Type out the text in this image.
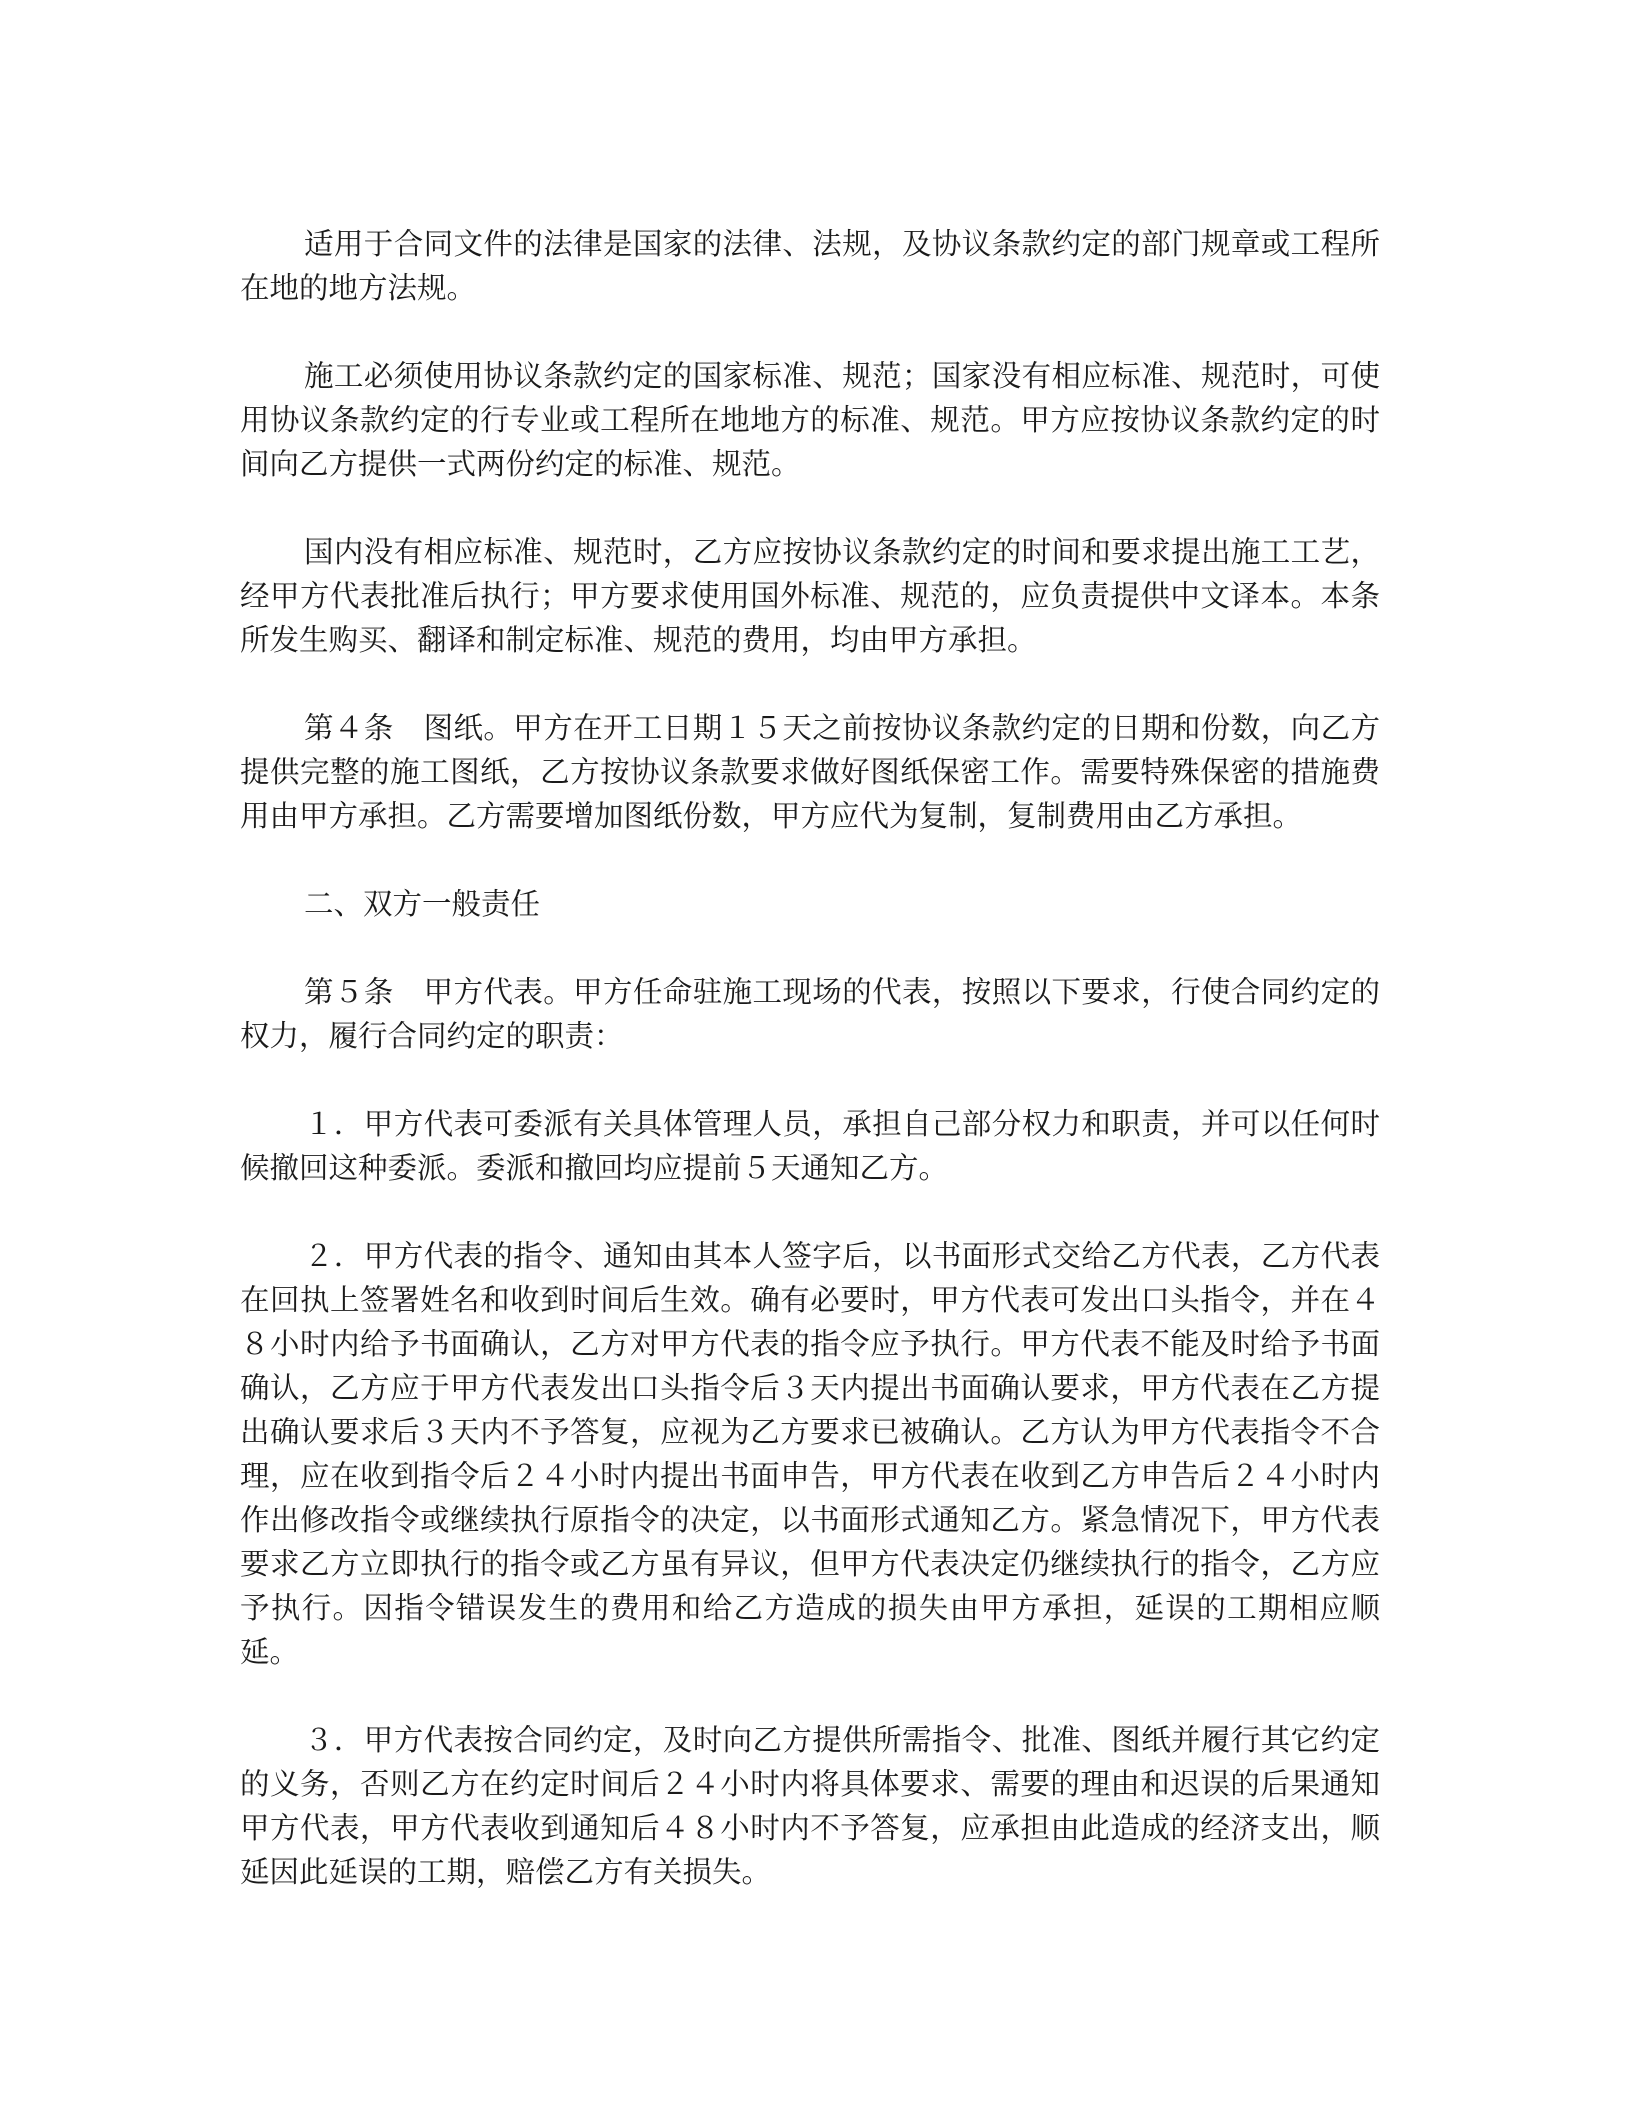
适用于合同文件的法律是国家的法律、法规，及协议条款约定的部门规章或工程所在地的地方法规。

施工必须使用协议条款约定的国家标准、规范；国家没有相应标准、规范时，可使用协议条款约定的行专业或工程所在地地方的标准、规范。甲方应按协议条款约定的时间向乙方提供一式两份约定的标准、规范。

国内没有相应标准、规范时，乙方应按协议条款约定的时间和要求提出施工工艺，经甲方代表批准后执行；甲方要求使用国外标准、规范的，应负责提供中文译本。本条所发生购买、翻译和制定标准、规范的费用，均由甲方承担。

第４条　图纸。甲方在开工日期１５天之前按协议条款约定的日期和份数，向乙方提供完整的施工图纸，乙方按协议条款要求做好图纸保密工作。需要特殊保密的措施费用由甲方承担。乙方需要增加图纸份数，甲方应代为复制，复制费用由乙方承担。

二、双方一般责任

第５条　甲方代表。甲方任命驻施工现场的代表，按照以下要求，行使合同约定的权力，履行合同约定的职责：

１．甲方代表可委派有关具体管理人员，承担自己部分权力和职责，并可以任何时候撤回这种委派。委派和撤回均应提前５天通知乙方。

２．甲方代表的指令、通知由其本人签字后，以书面形式交给乙方代表，乙方代表在回执上签署姓名和收到时间后生效。确有必要时，甲方代表可发出口头指令，并在４８小时内给予书面确认，乙方对甲方代表的指令应予执行。甲方代表不能及时给予书面确认，乙方应于甲方代表发出口头指令后３天内提出书面确认要求，甲方代表在乙方提出确认要求后３天内不予答复，应视为乙方要求已被确认。乙方认为甲方代表指令不合理，应在收到指令后２４小时内提出书面申告，甲方代表在收到乙方申告后２４小时内作出修改指令或继续执行原指令的决定，以书面形式通知乙方。紧急情况下，甲方代表要求乙方立即执行的指令或乙方虽有异议，但甲方代表决定仍继续执行的指令，乙方应予执行。因指令错误发生的费用和给乙方造成的损失由甲方承担，延误的工期相应顺延。

３．甲方代表按合同约定，及时向乙方提供所需指令、批准、图纸并履行其它约定的义务，否则乙方在约定时间后２４小时内将具体要求、需要的理由和迟误的后果通知甲方代表，甲方代表收到通知后４８小时内不予答复，应承担由此造成的经济支出，顺延因此延误的工期，赔偿乙方有关损失。
